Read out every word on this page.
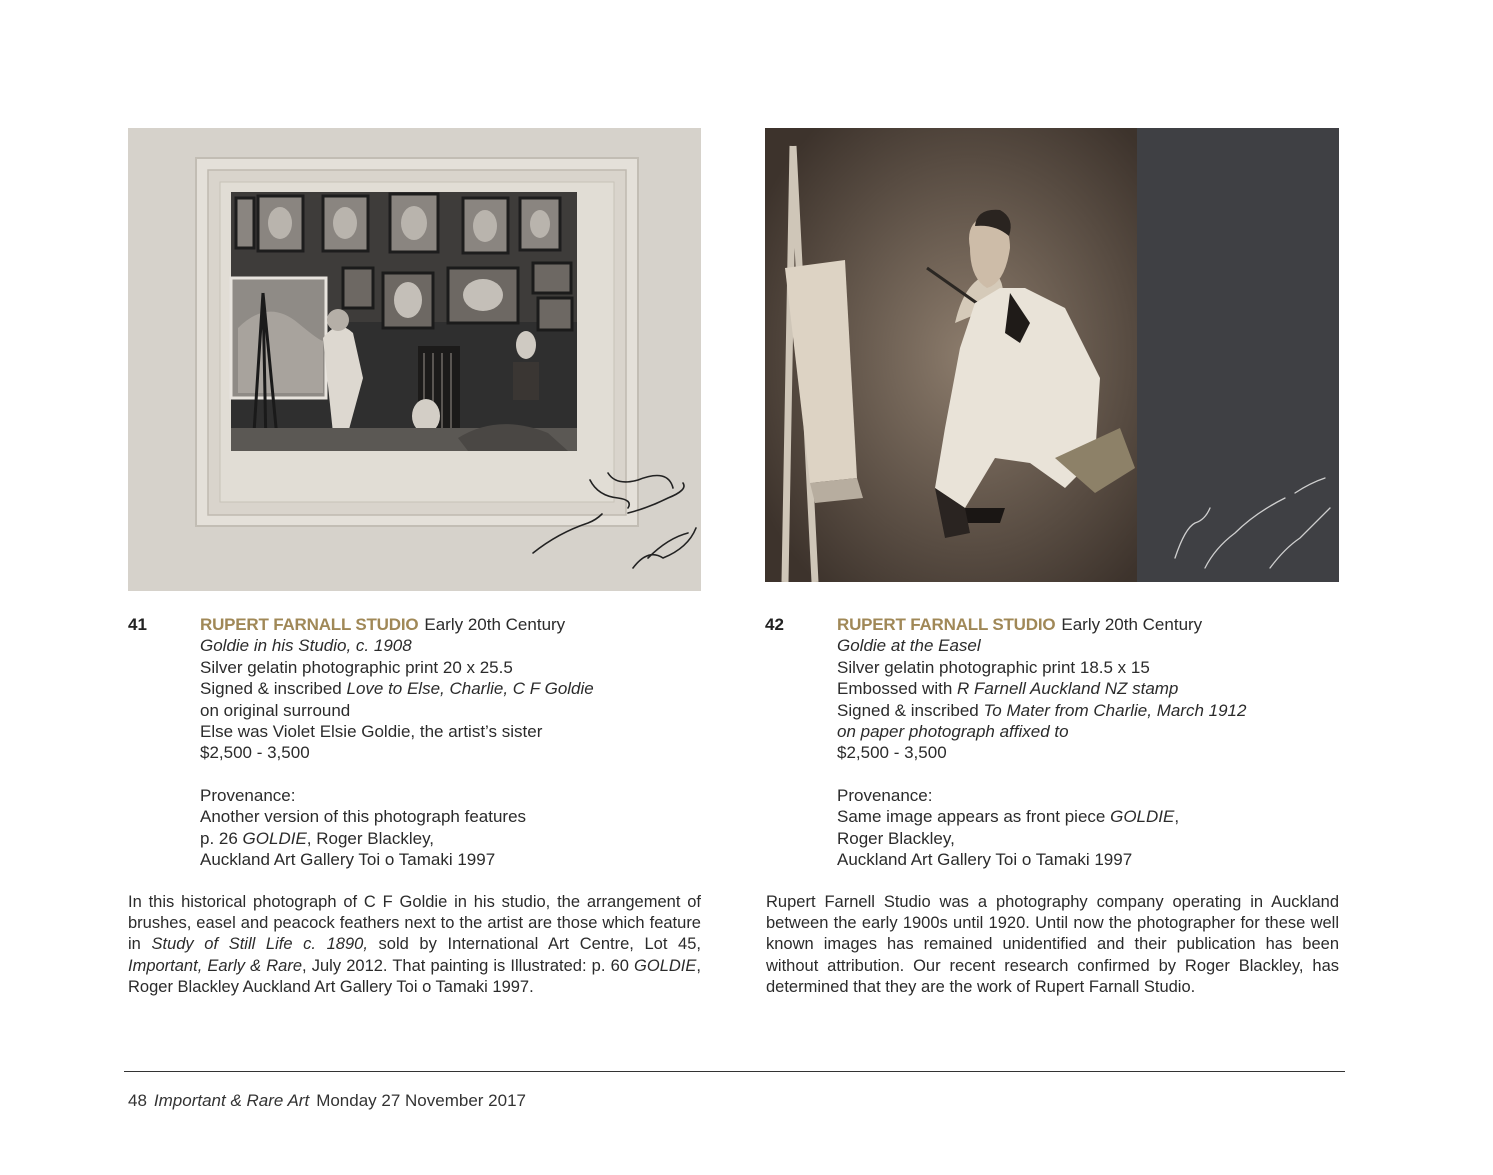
41	RUPERT FARNALL STUDIO Early 20th Century
Goldie in his Studio, c. 1908
Silver gelatin photographic print 20 x 25.5
Signed & inscribed Love to Else, Charlie, C F Goldie
on original surround
Else was Violet Elsie Goldie, the artist’s sister
$2,500 - 3,500
Provenance:
Another version of this photograph features
p. 26 GOLDIE, Roger Blackley,
Auckland Art Gallery Toi o Tamaki 1997
42	RUPERT FARNALL STUDIO Early 20th Century
Goldie at the Easel
Silver gelatin photographic print 18.5 x 15
Embossed with R Farnell Auckland NZ stamp
Signed & inscribed To Mater from Charlie, March 1912
on paper photograph affixed to
$2,500 - 3,500
Provenance:
Same image appears as front piece GOLDIE,
Roger Blackley,
Auckland Art Gallery Toi o Tamaki 1997
In this historical photograph of C F Goldie in his studio, the arrangement of brushes, easel and peacock feathers next to the artist are those which feature in Study of Still Life c. 1890, sold by International Art Centre, Lot 45, Important, Early & Rare, July 2012. That painting is Illustrated: p. 60 GOLDIE, Roger Blackley Auckland Art Gallery Toi o Tamaki 1997.
Rupert Farnell Studio was a photography company operating in Auckland between the early 1900s until 1920. Until now the photographer for these well known images has remained unidentified and their publication has been without attribution. Our recent research confirmed by Roger Blackley, has determined that they are the work of Rupert Farnall Studio.
48 Important & Rare Art Monday 27 November 2017
